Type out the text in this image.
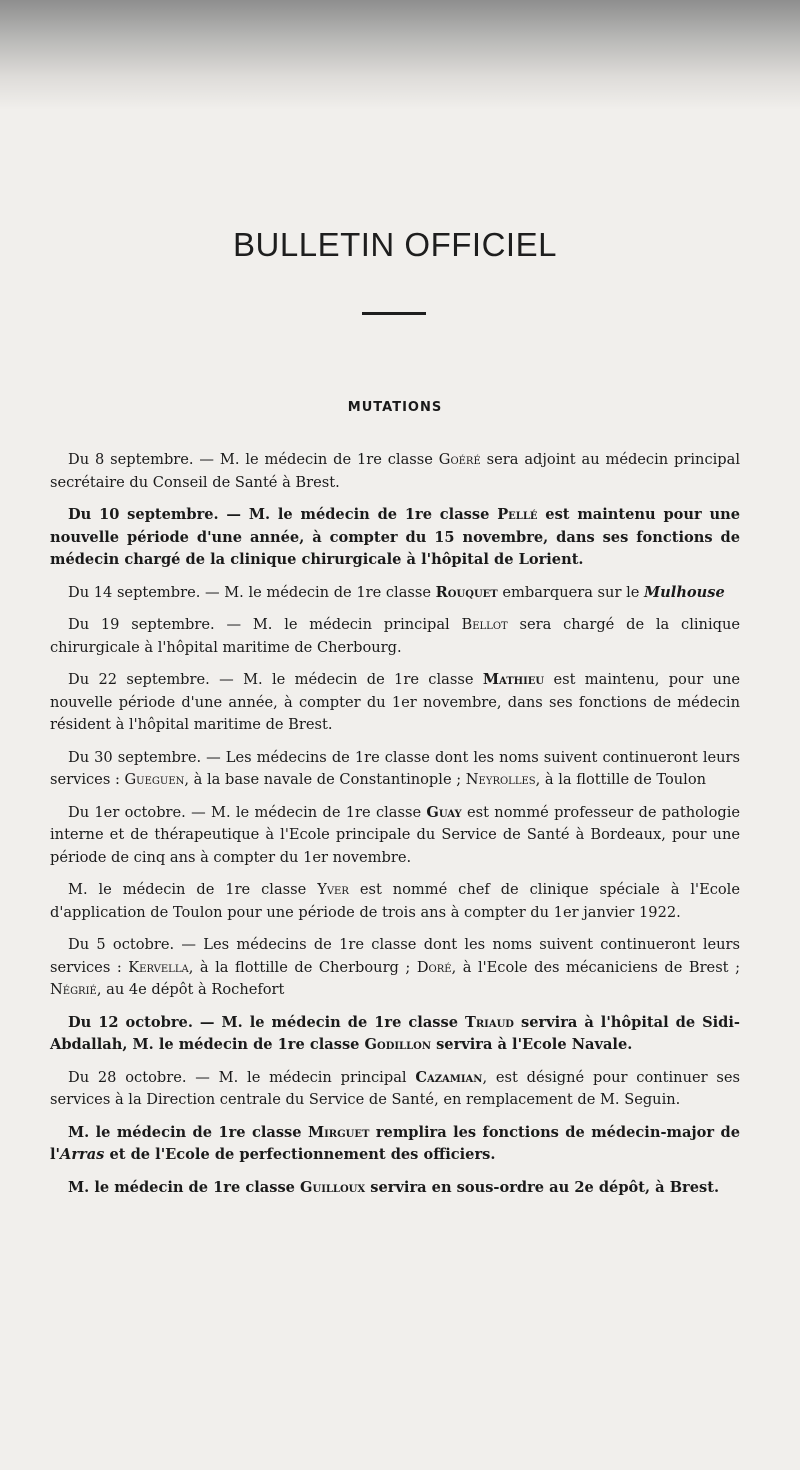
BULLETIN OFFICIEL
MUTATIONS

Du 8 septembre. — M. le médecin de 1re classe Goéré sera adjoint au médecin principal secrétaire du Conseil de Santé à Brest.

Du 10 septembre. — M. le médecin de 1re classe Pellé est maintenu pour une nouvelle période d'une année, à compter du 15 novembre, dans ses fonctions de médecin chargé de la clinique chirurgicale à l'hôpital de Lorient.

Du 14 septembre. — M. le médecin de 1re classe Rouquet embarquera sur le Mulhouse

Du 19 septembre. — M. le médecin principal Bellot sera chargé de la clinique chirurgicale à l'hôpital maritime de Cherbourg.

Du 22 septembre. — M. le médecin de 1re classe Mathieu est maintenu, pour une nouvelle période d'une année, à compter du 1er novembre, dans ses fonctions de médecin résident à l'hôpital maritime de Brest.

Du 30 septembre. — Les médecins de 1re classe dont les noms suivent continueront leurs services : Gueguen, à la base navale de Constantinople ; Neyrolles, à la flottille de Toulon

Du 1er octobre. — M. le médecin de 1re classe Guay est nommé professeur de pathologie interne et de thérapeutique à l'Ecole principale du Service de Santé à Bordeaux, pour une période de cinq ans à compter du 1er novembre.

M. le médecin de 1re classe Yver est nommé chef de clinique spéciale à l'Ecole d'application de Toulon pour une période de trois ans à compter du 1er janvier 1922.

Du 5 octobre. — Les médecins de 1re classe dont les noms suivent continueront leurs services : Kervella, à la flottille de Cherbourg ; Doré, à l'Ecole des mécaniciens de Brest ; Négrié, au 4e dépôt à Rochefort

Du 12 octobre. — M. le médecin de 1re classe Triaud servira à l'hôpital de Sidi-Abdallah, M. le médecin de 1re classe Godillon servira à l'Ecole Navale.

Du 28 octobre. — M. le médecin principal Cazamian, est désigné pour continuer ses services à la Direction centrale du Service de Santé, en remplacement de M. Seguin.

M. le médecin de 1re classe Mirguet remplira les fonctions de médecin-major de l'Arras et de l'Ecole de perfectionnement des officiers.

M. le médecin de 1re classe Guilloux servira en sous-ordre au 2e dépôt, à Brest.
